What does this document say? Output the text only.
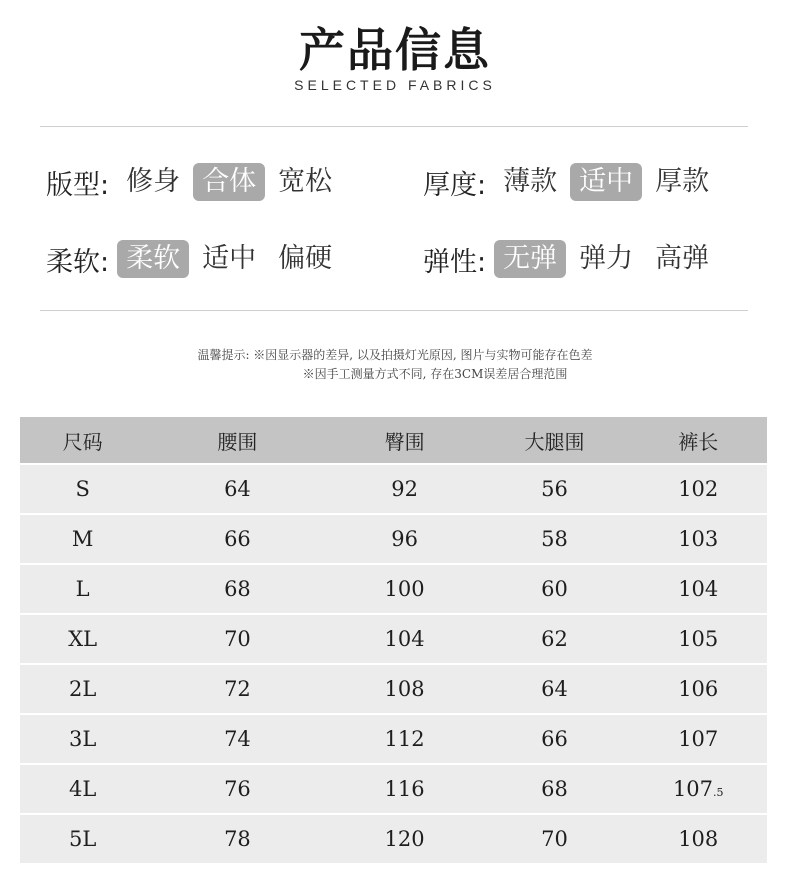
产品信息
SELECTED FABRICS
版型: 修身 合体 宽松	厚度: 薄款 适中 厚款
柔软: 柔软 适中 偏硬	弹性: 无弹 弹力 高弹
温馨提示: ※因显示器的差异, 以及拍摄灯光原因, 图片与实物可能存在色差
※因手工测量方式不同, 存在3CM误差居合理范围
尺码	腰围	臀围	大腿围	裤长
S	64	92	56	102
M	66	96	58	103
L	68	100	60	104
XL	70	104	62	105
2L	72	108	64	106
3L	74	112	66	107
4L	76	116	68	107.5
5L	78	120	70	108
